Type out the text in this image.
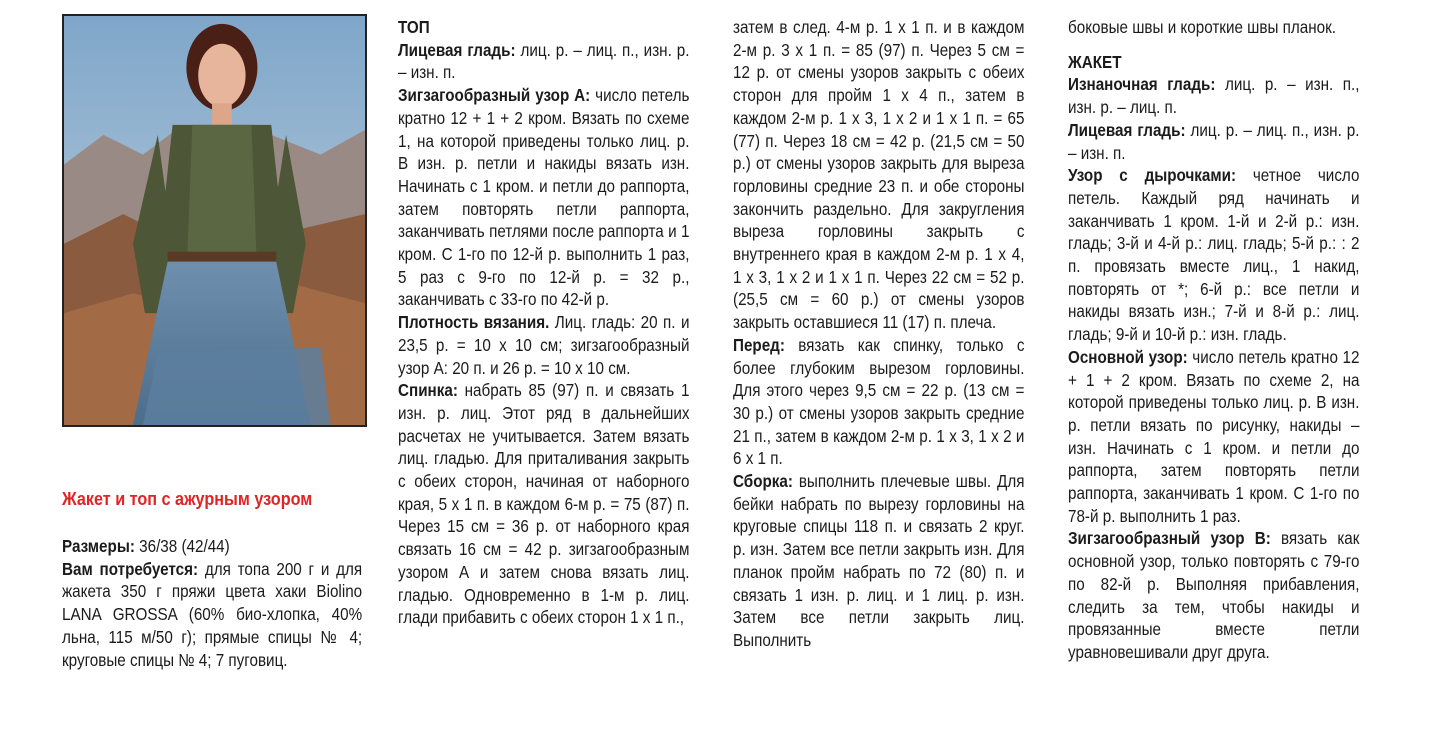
Жакет и топ с ажурным узором

Размеры: 36/38 (42/44)

Вам потребуется: для топа 200 г и для жакета 350 г пряжи цвета хаки Biolino LANA GROSSA (60% био-хлопка, 40% льна, 115 м/50 г); прямые спицы № 4; круговые спицы № 4; 7 пуговиц.

ТОП

Лицевая гладь: лиц. р. – лиц. п., изн. р. – изн. п.

Зигзагообразный узор А: число петель кратно 12 + 1 + 2 кром. Вязать по схеме 1, на которой приведены только лиц. р. В изн. р. петли и накиды вязать изн. Начинать с 1 кром. и петли до раппорта, затем повторять петли раппорта, заканчивать петлями после раппорта и 1 кром. С 1-го по 12-й р. выполнить 1 раз, 5 раз с 9-го по 12-й р. = 32 р., заканчивать с 33-го по 42-й р.

Плотность вязания. Лиц. гладь: 20 п. и 23,5 р. = 10 х 10 см; зигзагообразный узор А: 20 п. и 26 р. = 10 х 10 см.

Спинка: набрать 85 (97) п. и связать 1 изн. р. лиц. Этот ряд в дальнейших расчетах не учитывается. Затем вязать лиц. гладью. Для приталивания закрыть с обеих сторон, начиная от наборного края, 5 х 1 п. в каждом 6-м р. = 75 (87) п. Через 15 см = 36 р. от наборного края связать 16 см = 42 р. зигзагообразным узором А и затем снова вязать лиц. гладью. Одновременно в 1-м р. лиц. глади прибавить с обеих сторон 1 х 1 п.,

затем в след. 4-м р. 1 х 1 п. и в каждом 2-м р. 3 х 1 п. = 85 (97) п. Через 5 см = 12 р. от смены узоров закрыть с обеих сторон для пройм 1 х 4 п., затем в каждом 2-м р. 1 х 3, 1 х 2 и 1 х 1 п. = 65 (77) п. Через 18 см = 42 р. (21,5 см = 50 р.) от смены узоров закрыть для выреза горловины средние 23 п. и обе стороны закончить раздельно. Для закругления выреза горловины закрыть с внутреннего края в каждом 2-м р. 1 х 4, 1 х 3, 1 х 2 и 1 х 1 п. Через 22 см = 52 р. (25,5 см = 60 р.) от смены узоров закрыть оставшиеся 11 (17) п. плеча.

Перед: вязать как спинку, только с более глубоким вырезом горловины. Для этого через 9,5 см = 22 р. (13 см = 30 р.) от смены узоров закрыть средние 21 п., затем в каждом 2-м р. 1 х 3, 1 х 2 и 6 х 1 п.

Сборка: выполнить плечевые швы. Для бейки набрать по вырезу горловины на круговые спицы 118 п. и связать 2 круг. р. изн. Затем все петли закрыть изн. Для планок пройм набрать по 72 (80) п. и связать 1 изн. р. лиц. и 1 лиц. р. изн. Затем все петли закрыть лиц. Выполнить

боковые швы и короткие швы планок.

ЖАКЕТ

Изнаночная гладь: лиц. р. – изн. п., изн. р. – лиц. п.

Лицевая гладь: лиц. р. – лиц. п., изн. р. – изн. п.

Узор с дырочками: четное число петель. Каждый ряд начинать и заканчивать 1 кром. 1-й и 2-й р.: изн. гладь; 3-й и 4-й р.: лиц. гладь; 5-й р.: : 2 п. провязать вместе лиц., 1 накид, повторять от *; 6-й р.: все петли и накиды вязать изн.; 7-й и 8-й р.: лиц. гладь; 9-й и 10-й р.: изн. гладь.

Основной узор: число петель кратно 12 + 1 + 2 кром. Вязать по схеме 2, на которой приведены только лиц. р. В изн. р. петли вязать по рисунку, накиды – изн. Начинать с 1 кром. и петли до раппорта, затем повторять петли раппорта, заканчивать 1 кром. С 1-го по 78-й р. выполнить 1 раз.

Зигзагообразный узор В: вязать как основной узор, только повторять с 79-го по 82-й р. Выполняя прибавления, следить за тем, чтобы накиды и провязанные вместе петли уравновешивали друг друга.
